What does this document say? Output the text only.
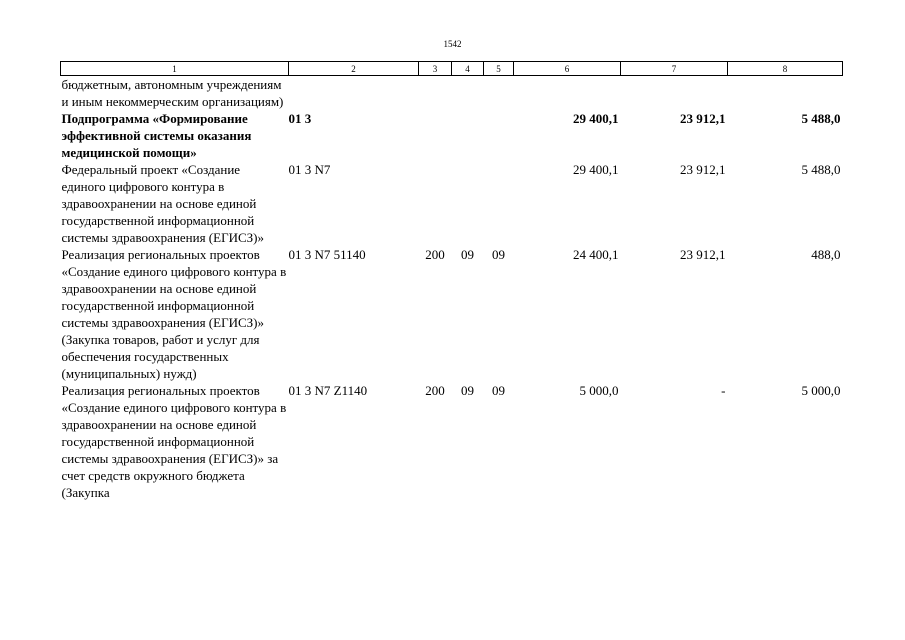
1542
1	2	3	4	5	6	7	8
бюджетным, автономным учреждениям и иным некоммерческим организациям)							
Подпрограмма «Формирование эффективной системы оказания медицинской помощи»	01 3				29 400,1	23 912,1	5 488,0
Федеральный проект «Создание единого цифрового контура в здравоохранении на основе единой государственной информационной системы здравоохранения (ЕГИСЗ)»	01 3 N7				29 400,1	23 912,1	5 488,0
Реализация региональных проектов «Создание единого цифрового контура в здравоохранении на основе единой государственной информационной системы здравоохранения (ЕГИСЗ)» (Закупка товаров, работ и услуг для обеспечения государственных (муниципальных) нужд)	01 3 N7 51140	200	09	09	24 400,1	23 912,1	488,0
Реализация региональных проектов «Создание единого цифрового контура в здравоохранении на основе единой государственной информационной системы здравоохранения (ЕГИСЗ)» за счет средств окружного бюджета (Закупка	01 3 N7 Z1140	200	09	09	5 000,0	-	5 000,0
